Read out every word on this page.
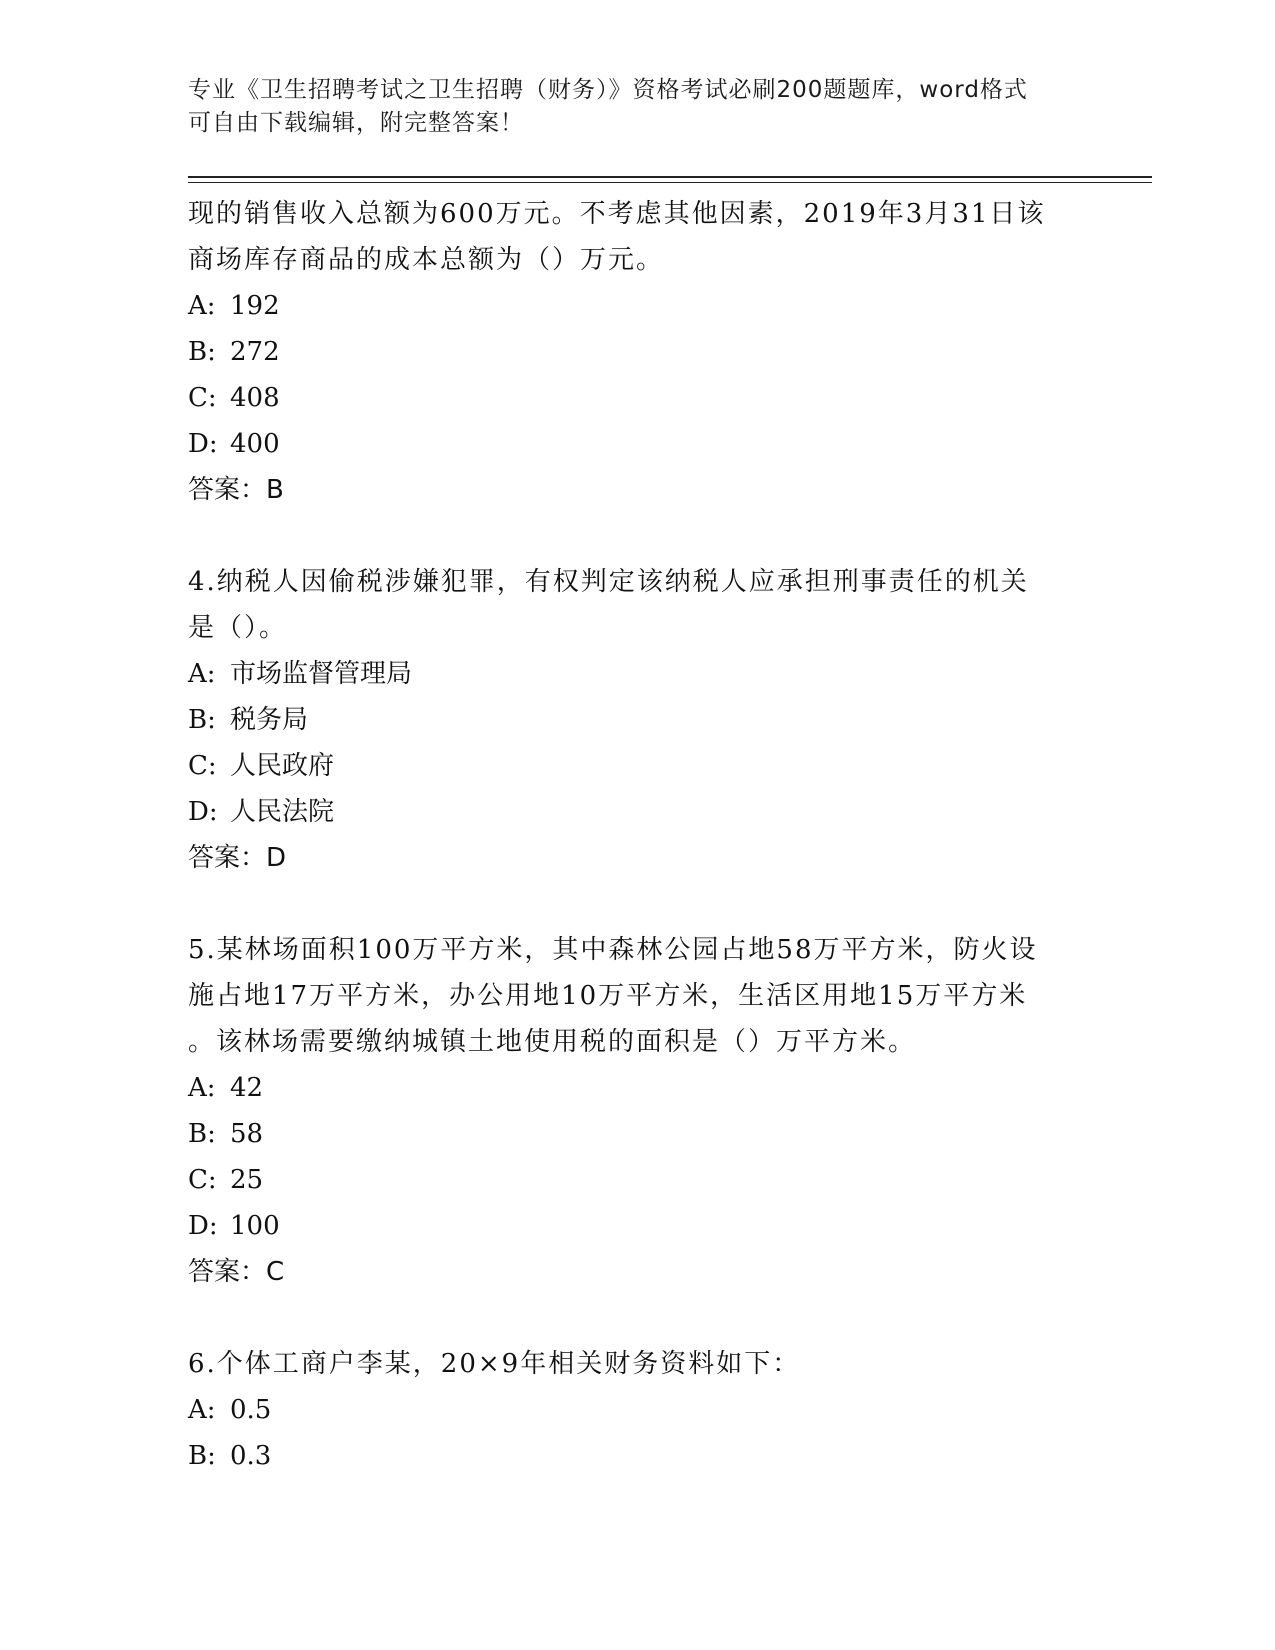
专业《卫生招聘考试之卫生招聘（财务）》资格考试必刷200题题库，word格式
可自由下载编辑，附完整答案！
现的销售收入总额为600万元。不考虑其他因素，2019年3月31日该
商场库存商品的成本总额为（）万元。
A: 192
B: 272
C: 408
D: 400
答案：B
4.纳税人因偷税涉嫌犯罪，有权判定该纳税人应承担刑事责任的机关
是（）。
A: 市场监督管理局
B: 税务局
C: 人民政府
D: 人民法院
答案：D
5.某林场面积100万平方米，其中森林公园占地58万平方米，防火设
施占地17万平方米，办公用地10万平方米，生活区用地15万平方米
。该林场需要缴纳城镇土地使用税的面积是（）万平方米。
A: 42
B: 58
C: 25
D: 100
答案：C
6.个体工商户李某，20×9年相关财务资料如下：
A: 0.5
B: 0.3
